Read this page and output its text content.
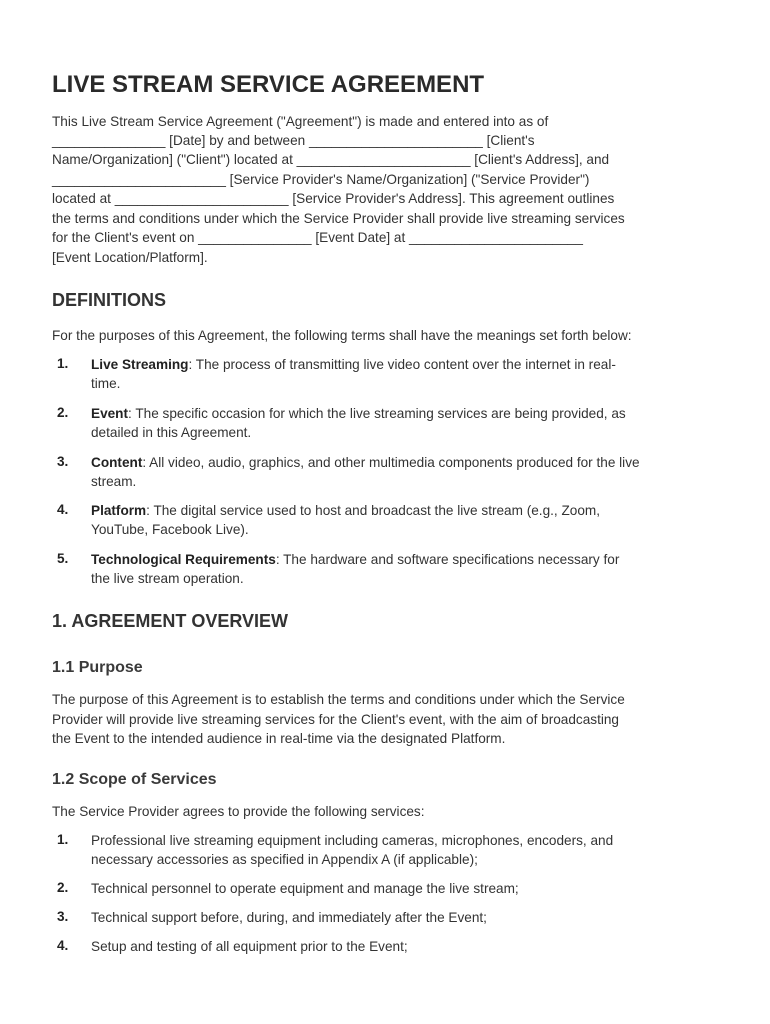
LIVE STREAM SERVICE AGREEMENT
This Live Stream Service Agreement ("Agreement") is made and entered into as of
_______________ [Date] by and between _______________________ [Client's
Name/Organization] ("Client") located at _______________________ [Client's Address], and
_______________________ [Service Provider's Name/Organization] ("Service Provider")
located at _______________________ [Service Provider's Address]. This agreement outlines
the terms and conditions under which the Service Provider shall provide live streaming services
for the Client's event on _______________ [Event Date] at _______________________
[Event Location/Platform].
DEFINITIONS
For the purposes of this Agreement, the following terms shall have the meanings set forth below:
1. Live Streaming: The process of transmitting live video content over the internet in real-
time.
2. Event: The specific occasion for which the live streaming services are being provided, as
detailed in this Agreement.
3. Content: All video, audio, graphics, and other multimedia components produced for the live
stream.
4. Platform: The digital service used to host and broadcast the live stream (e.g., Zoom,
YouTube, Facebook Live).
5. Technological Requirements: The hardware and software specifications necessary for
the live stream operation.
1. AGREEMENT OVERVIEW
1.1 Purpose
The purpose of this Agreement is to establish the terms and conditions under which the Service
Provider will provide live streaming services for the Client's event, with the aim of broadcasting
the Event to the intended audience in real-time via the designated Platform.
1.2 Scope of Services
The Service Provider agrees to provide the following services:
1. Professional live streaming equipment including cameras, microphones, encoders, and
necessary accessories as specified in Appendix A (if applicable);
2. Technical personnel to operate equipment and manage the live stream;
3. Technical support before, during, and immediately after the Event;
4. Setup and testing of all equipment prior to the Event;
